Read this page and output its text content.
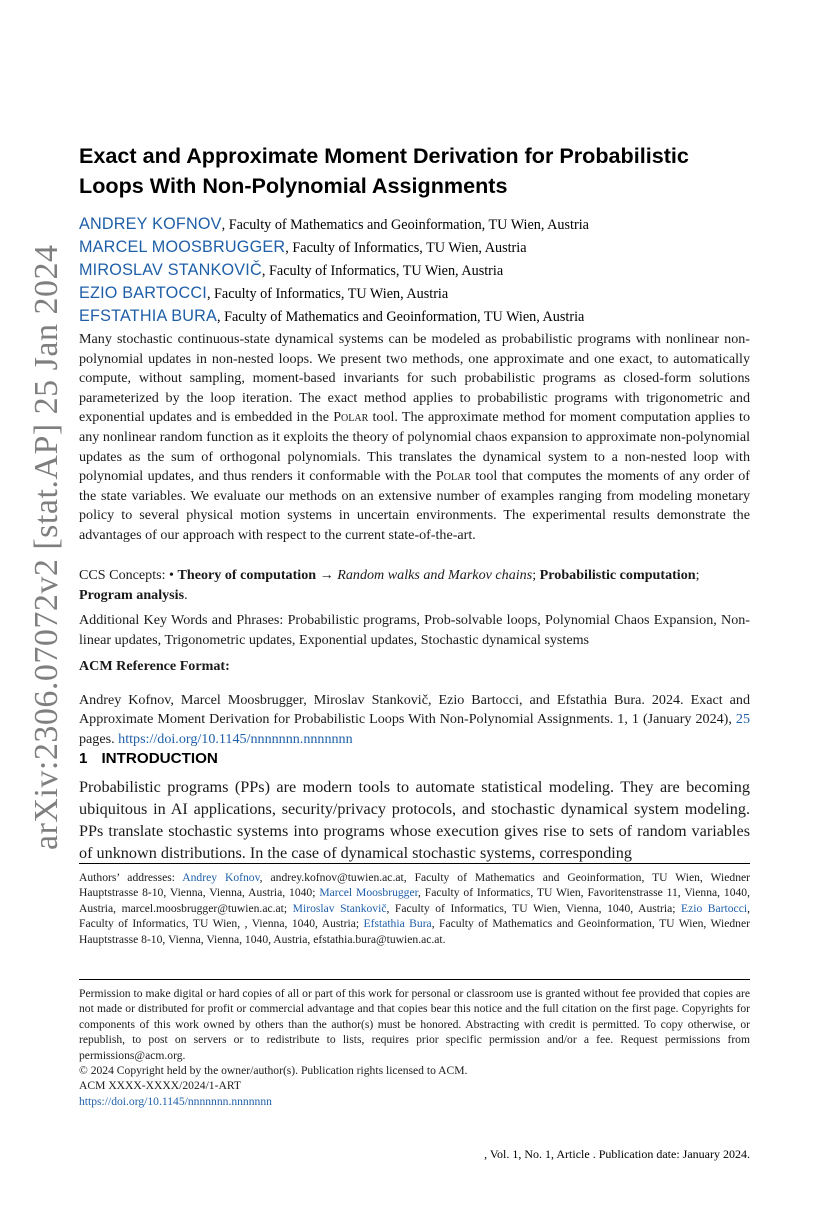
arXiv:2306.07072v2 [stat.AP] 25 Jan 2024
Exact and Approximate Moment Derivation for Probabilistic
Loops With Non-Polynomial Assignments
ANDREY KOFNOV, Faculty of Mathematics and Geoinformation, TU Wien, Austria
MARCEL MOOSBRUGGER, Faculty of Informatics, TU Wien, Austria
MIROSLAV STANKOVIČ, Faculty of Informatics, TU Wien, Austria
EZIO BARTOCCI, Faculty of Informatics, TU Wien, Austria
EFSTATHIA BURA, Faculty of Mathematics and Geoinformation, TU Wien, Austria

Many stochastic continuous-state dynamical systems can be modeled as probabilistic programs with nonlinear non-polynomial updates in non-nested loops. We present two methods, one approximate and one exact, to automatically compute, without sampling, moment-based invariants for such probabilistic programs as closed-form solutions parameterized by the loop iteration. The exact method applies to probabilistic programs with trigonometric and exponential updates and is embedded in the Polar tool. The approximate method for moment computation applies to any nonlinear random function as it exploits the theory of polynomial chaos expansion to approximate non-polynomial updates as the sum of orthogonal polynomials. This translates the dynamical system to a non-nested loop with polynomial updates, and thus renders it conformable with the Polar tool that computes the moments of any order of the state variables. We evaluate our methods on an extensive number of examples ranging from modeling monetary policy to several physical motion systems in uncertain environments. The experimental results demonstrate the advantages of our approach with respect to the current state-of-the-art.

CCS Concepts: • Theory of computation → Random walks and Markov chains; Probabilistic computation; Program analysis.
Additional Key Words and Phrases: Probabilistic programs, Prob-solvable loops, Polynomial Chaos Expansion, Non-linear updates, Trigonometric updates, Exponential updates, Stochastic dynamical systems
ACM Reference Format:

Andrey Kofnov, Marcel Moosbrugger, Miroslav Stankovič, Ezio Bartocci, and Efstathia Bura. 2024. Exact and Approximate Moment Derivation for Probabilistic Loops With Non-Polynomial Assignments. 1, 1 (January 2024), 25 pages. https://doi.org/10.1145/nnnnnnn.nnnnnnn

1 INTRODUCTION
Probabilistic programs (PPs) are modern tools to automate statistical modeling. They are becoming ubiquitous in AI applications, security/privacy protocols, and stochastic dynamical system modeling. PPs translate stochastic systems into programs whose execution gives rise to sets of random variables of unknown distributions. In the case of dynamical stochastic systems, corresponding
Authors’ addresses: Andrey Kofnov, andrey.kofnov@tuwien.ac.at, Faculty of Mathematics and Geoinformation, TU Wien, Wiedner Hauptstrasse 8-10, Vienna, Vienna, Austria, 1040; Marcel Moosbrugger, Faculty of Informatics, TU Wien, Favoritenstrasse 11, Vienna, 1040, Austria, marcel.moosbrugger@tuwien.ac.at; Miroslav Stankovič, Faculty of Informatics, TU Wien, Vienna, 1040, Austria; Ezio Bartocci, Faculty of Informatics, TU Wien, , Vienna, 1040, Austria; Efstathia Bura, Faculty of Mathematics and Geoinformation, TU Wien, Wiedner Hauptstrasse 8-10, Vienna, Vienna, 1040, Austria, efstathia.bura@tuwien.ac.at.

Permission to make digital or hard copies of all or part of this work for personal or classroom use is granted without fee provided that copies are not made or distributed for profit or commercial advantage and that copies bear this notice and the full citation on the first page. Copyrights for components of this work owned by others than the author(s) must be honored. Abstracting with credit is permitted. To copy otherwise, or republish, to post on servers or to redistribute to lists, requires prior specific permission and/or a fee. Request permissions from permissions@acm.org.

© 2024 Copyright held by the owner/author(s). Publication rights licensed to ACM.

ACM XXXX-XXXX/2024/1-ART

https://doi.org/10.1145/nnnnnnn.nnnnnnn

, Vol. 1, No. 1, Article . Publication date: January 2024.
